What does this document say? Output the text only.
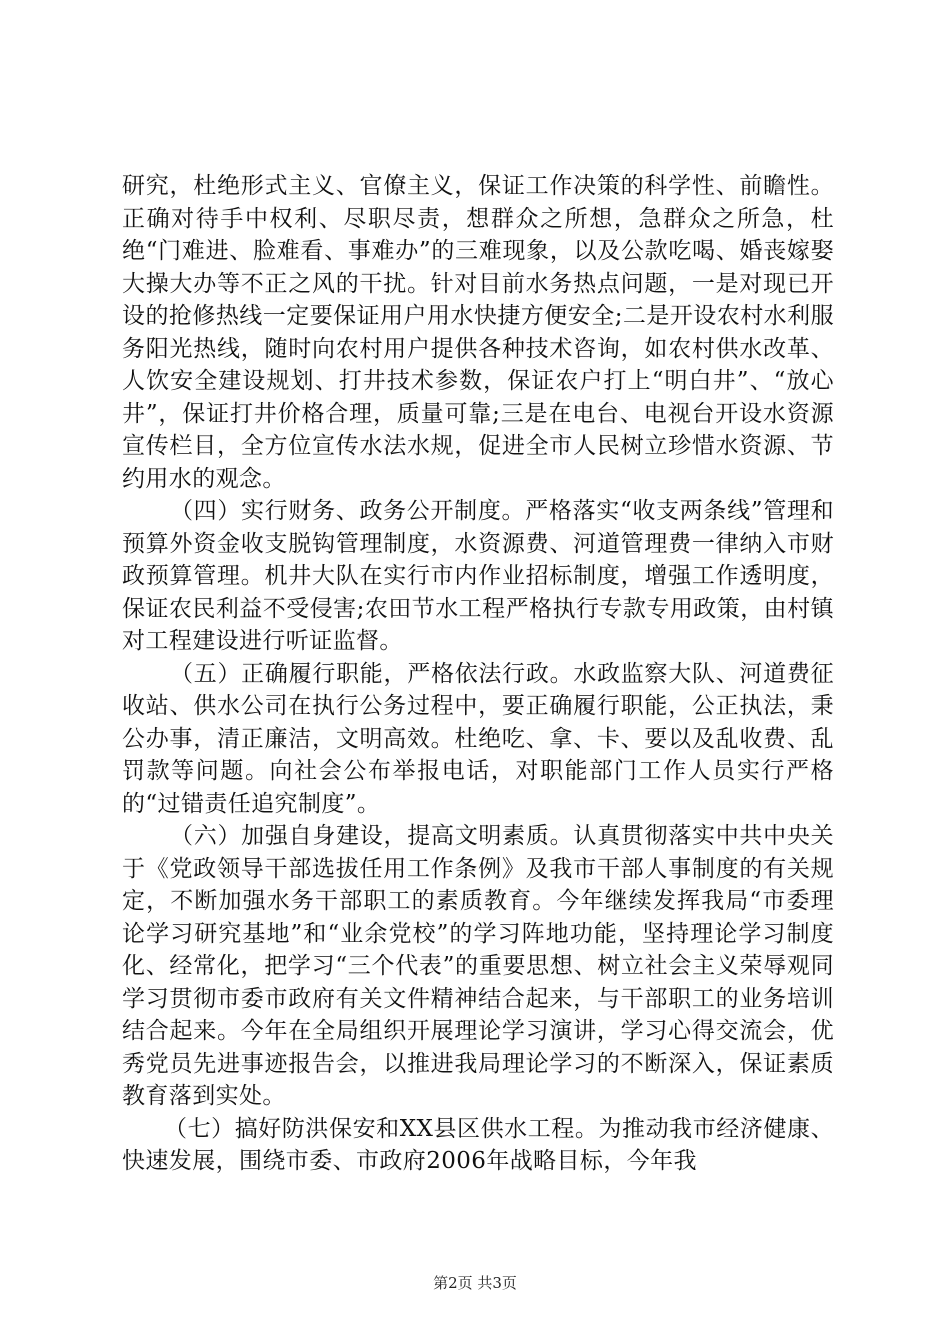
研究，杜绝形式主义、官僚主义，保证工作决策的科学性、前瞻性。正确对待手中权利、尽职尽责，想群众之所想，急群众之所急，杜绝“门难进、脸难看、事难办”的三难现象，以及公款吃喝、婚丧嫁娶大操大办等不正之风的干扰。针对目前水务热点问题，一是对现已开设的抢修热线一定要保证用户用水快捷方便安全;二是开设农村水利服务阳光热线，随时向农村用户提供各种技术咨询，如农村供水改革、人饮安全建设规划、打井技术参数，保证农户打上“明白井”、“放心井”，保证打井价格合理，质量可靠;三是在电台、电视台开设水资源宣传栏目，全方位宣传水法水规，促进全市人民树立珍惜水资源、节约用水的观念。

（四）实行财务、政务公开制度。严格落实“收支两条线”管理和预算外资金收支脱钩管理制度，水资源费、河道管理费一律纳入市财政预算管理。机井大队在实行市内作业招标制度，增强工作透明度，保证农民利益不受侵害;农田节水工程严格执行专款专用政策，由村镇对工程建设进行听证监督。

（五）正确履行职能，严格依法行政。水政监察大队、河道费征收站、供水公司在执行公务过程中，要正确履行职能，公正执法，秉公办事，清正廉洁，文明高效。杜绝吃、拿、卡、要以及乱收费、乱罚款等问题。向社会公布举报电话，对职能部门工作人员实行严格的“过错责任追究制度”。

（六）加强自身建设，提高文明素质。认真贯彻落实中共中央关于《党政领导干部选拔任用工作条例》及我市干部人事制度的有关规定，不断加强水务干部职工的素质教育。今年继续发挥我局“市委理论学习研究基地”和“业余党校”的学习阵地功能，坚持理论学习制度化、经常化，把学习“三个代表”的重要思想、树立社会主义荣辱观同学习贯彻市委市政府有关文件精神结合起来，与干部职工的业务培训结合起来。今年在全局组织开展理论学习演讲，学习心得交流会，优秀党员先进事迹报告会，以推进我局理论学习的不断深入，保证素质教育落到实处。

（七）搞好防洪保安和XX县区供水工程。为推动我市经济健康、快速发展，围绕市委、市政府2006年战略目标，今年我

第2页 共3页
